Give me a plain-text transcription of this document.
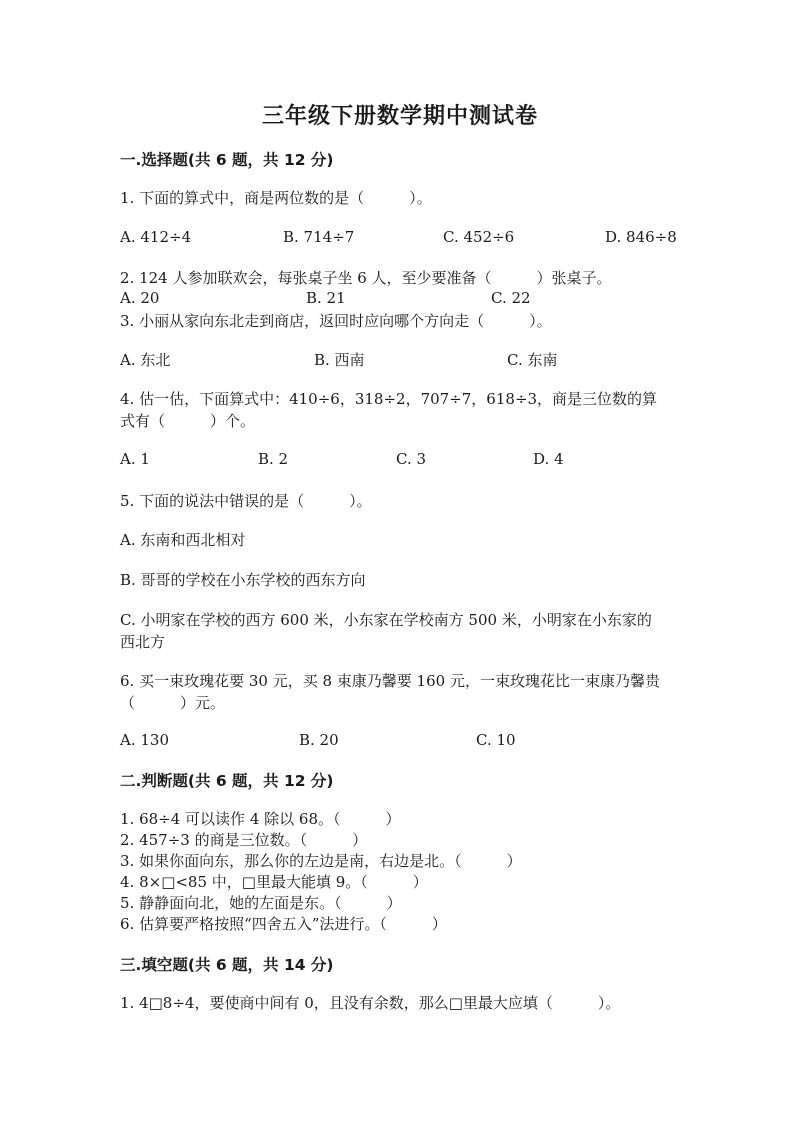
三年级下册数学期中测试卷
一.选择题(共 6 题，共 12 分)
1. 下面的算式中，商是两位数的是（　　　）。
A. 412÷4	B. 714÷7	C. 452÷6	D. 846÷8
2. 124 人参加联欢会，每张桌子坐 6 人，至少要准备（　　　）张桌子。
A. 20	B. 21	C. 22
3. 小丽从家向东北走到商店，返回时应向哪个方向走（　　　）。
A. 东北	B. 西南	C. 东南
4. 估一估，下面算式中：410÷6，318÷2，707÷7，618÷3，商是三位数的算
式有（　　　）个。
A. 1	B. 2	C. 3	D. 4
5. 下面的说法中错误的是（　　　）。
A. 东南和西北相对
B. 哥哥的学校在小东学校的西东方向
C. 小明家在学校的西方 600 米，小东家在学校南方 500 米，小明家在小东家的
西北方
6. 买一束玫瑰花要 30 元，买 8 束康乃馨要 160 元，一束玫瑰花比一束康乃馨贵
（　　　）元。
A. 130	B. 20	C. 10
二.判断题(共 6 题，共 12 分)
1. 68÷4 可以读作 4 除以 68。（　　　）
2. 457÷3 的商是三位数。（　　　）
3. 如果你面向东，那么你的左边是南，右边是北。（　　　）
4. 8×□<85 中，□里最大能填 9。（　　　）
5. 静静面向北，她的左面是东。（　　　）
6. 估算要严格按照“四舍五入”法进行。（　　　）
三.填空题(共 6 题，共 14 分)
1. 4□8÷4，要使商中间有 0，且没有余数，那么□里最大应填（　　　）。
